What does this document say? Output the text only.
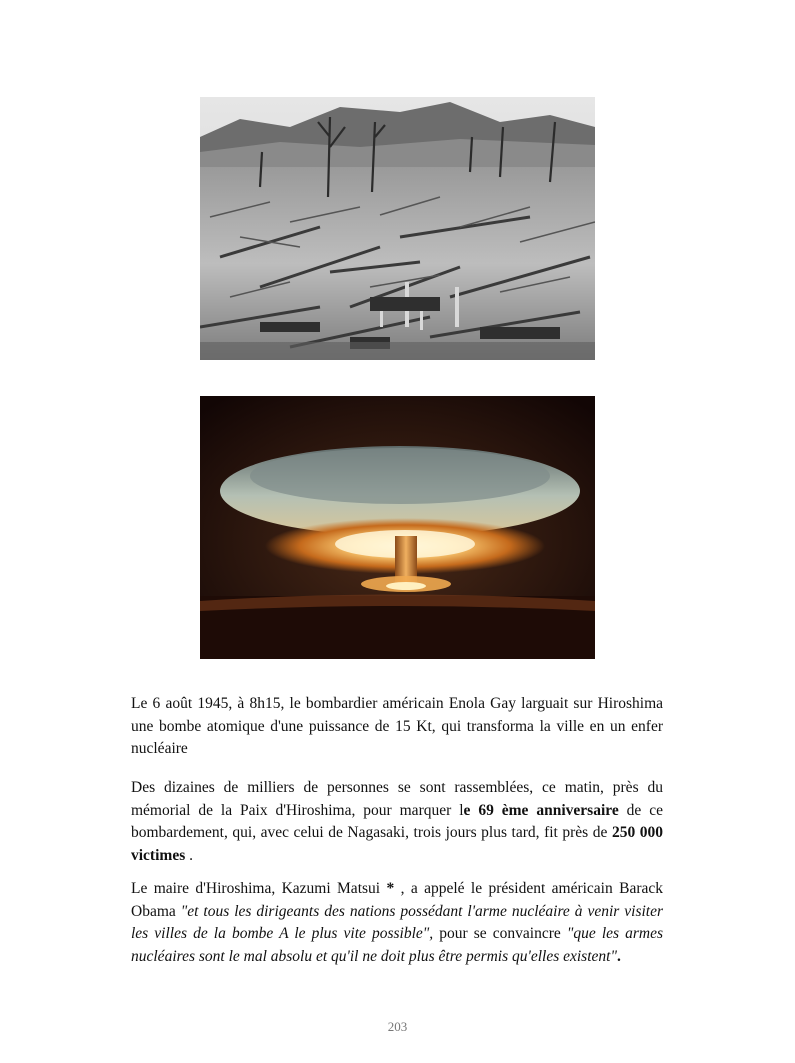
Le 6 août 1945, à 8h15, le bombardier américain Enola Gay larguait sur Hiroshima une bombe atomique d'une puissance de 15 Kt, qui transforma la ville en un enfer nucléaire

Des dizaines de milliers de personnes se sont rassemblées, ce matin, près du mémorial de la Paix d'Hiroshima, pour marquer le 69 ème anniversaire de ce bombardement, qui, avec celui de Nagasaki, trois jours plus tard, fit près de 250 000 victimes .

Le maire d'Hiroshima, Kazumi Matsui * , a appelé le président américain Barack Obama "et tous les dirigeants des nations possédant l'arme nucléaire à venir visiter les villes de la bombe A le plus vite possible", pour se convaincre "que les armes nucléaires sont le mal absolu et qu'il ne doit plus être permis qu'elles existent".

203
